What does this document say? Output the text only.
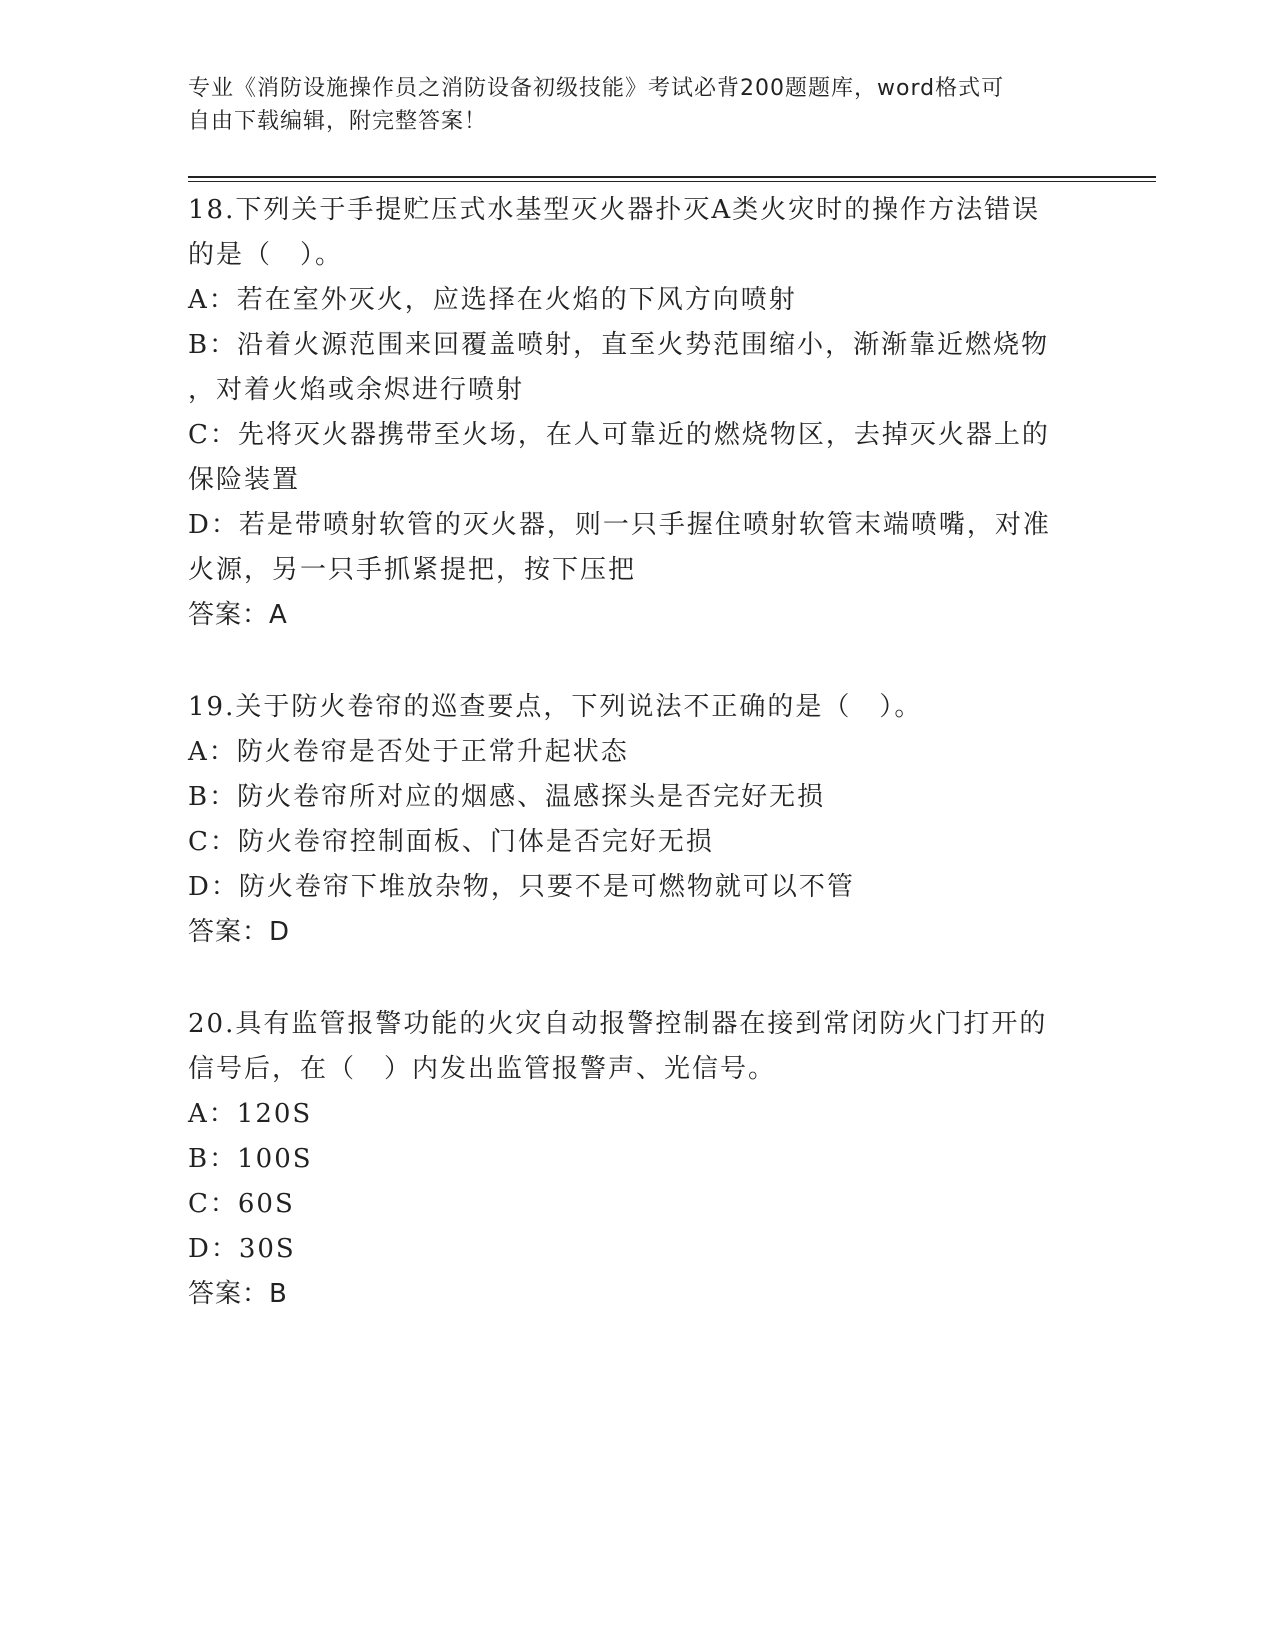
专业《消防设施操作员之消防设备初级技能》考试必背200题题库，word格式可
自由下载编辑，附完整答案！
18.下列关于手提贮压式水基型灭火器扑灭A类火灾时的操作方法错误
的是（　）。
A：若在室外灭火，应选择在火焰的下风方向喷射
B：沿着火源范围来回覆盖喷射，直至火势范围缩小，渐渐靠近燃烧物
，对着火焰或余烬进行喷射
C：先将灭火器携带至火场，在人可靠近的燃烧物区，去掉灭火器上的
保险装置
D：若是带喷射软管的灭火器，则一只手握住喷射软管末端喷嘴，对准
火源，另一只手抓紧提把，按下压把
答案：A
19.关于防火卷帘的巡查要点，下列说法不正确的是（　）。
A：防火卷帘是否处于正常升起状态
B：防火卷帘所对应的烟感、温感探头是否完好无损
C：防火卷帘控制面板、门体是否完好无损
D：防火卷帘下堆放杂物，只要不是可燃物就可以不管
答案：D
20.具有监管报警功能的火灾自动报警控制器在接到常闭防火门打开的
信号后，在（　）内发出监管报警声、光信号。
A：120S
B：100S
C：60S
D：30S
答案：B
